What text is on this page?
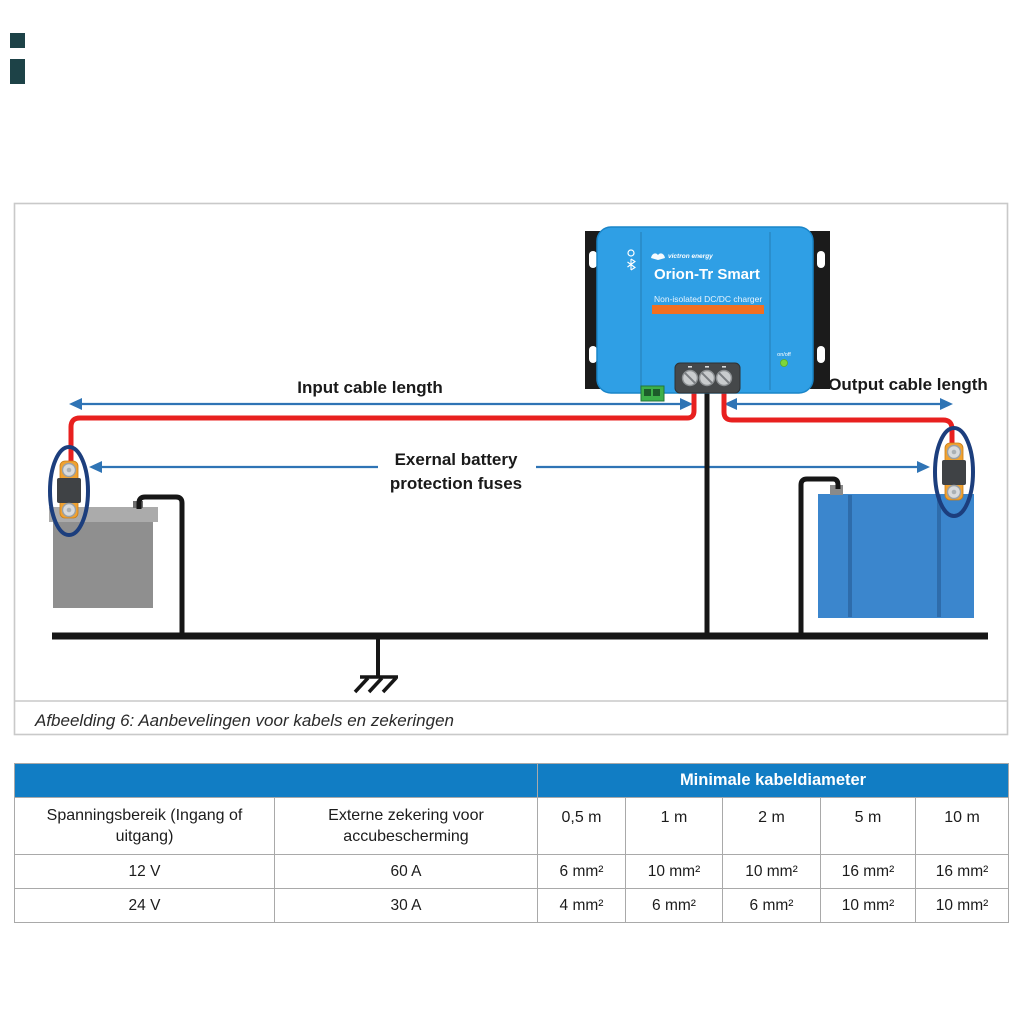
Afbeelding 6: Aanbevelingen voor kabels en zekeringen
victron energy
Orion-Tr Smart
Non-isolated DC/DC charger
on/off
Input cable length	Output cable length
Exernal battery
protection fuses
		Minimale kabeldiameter				
Spanningsbereik (Ingang of uitgang)	Externe zekering voor accubescherming	0,5 m	1 m	2 m	5 m	10 m
12 V	60 A	6 mm²	10 mm²	10 mm²	16 mm²	16 mm²
24 V	30 A	4 mm²	6 mm²	6 mm²	10 mm²	10 mm²
